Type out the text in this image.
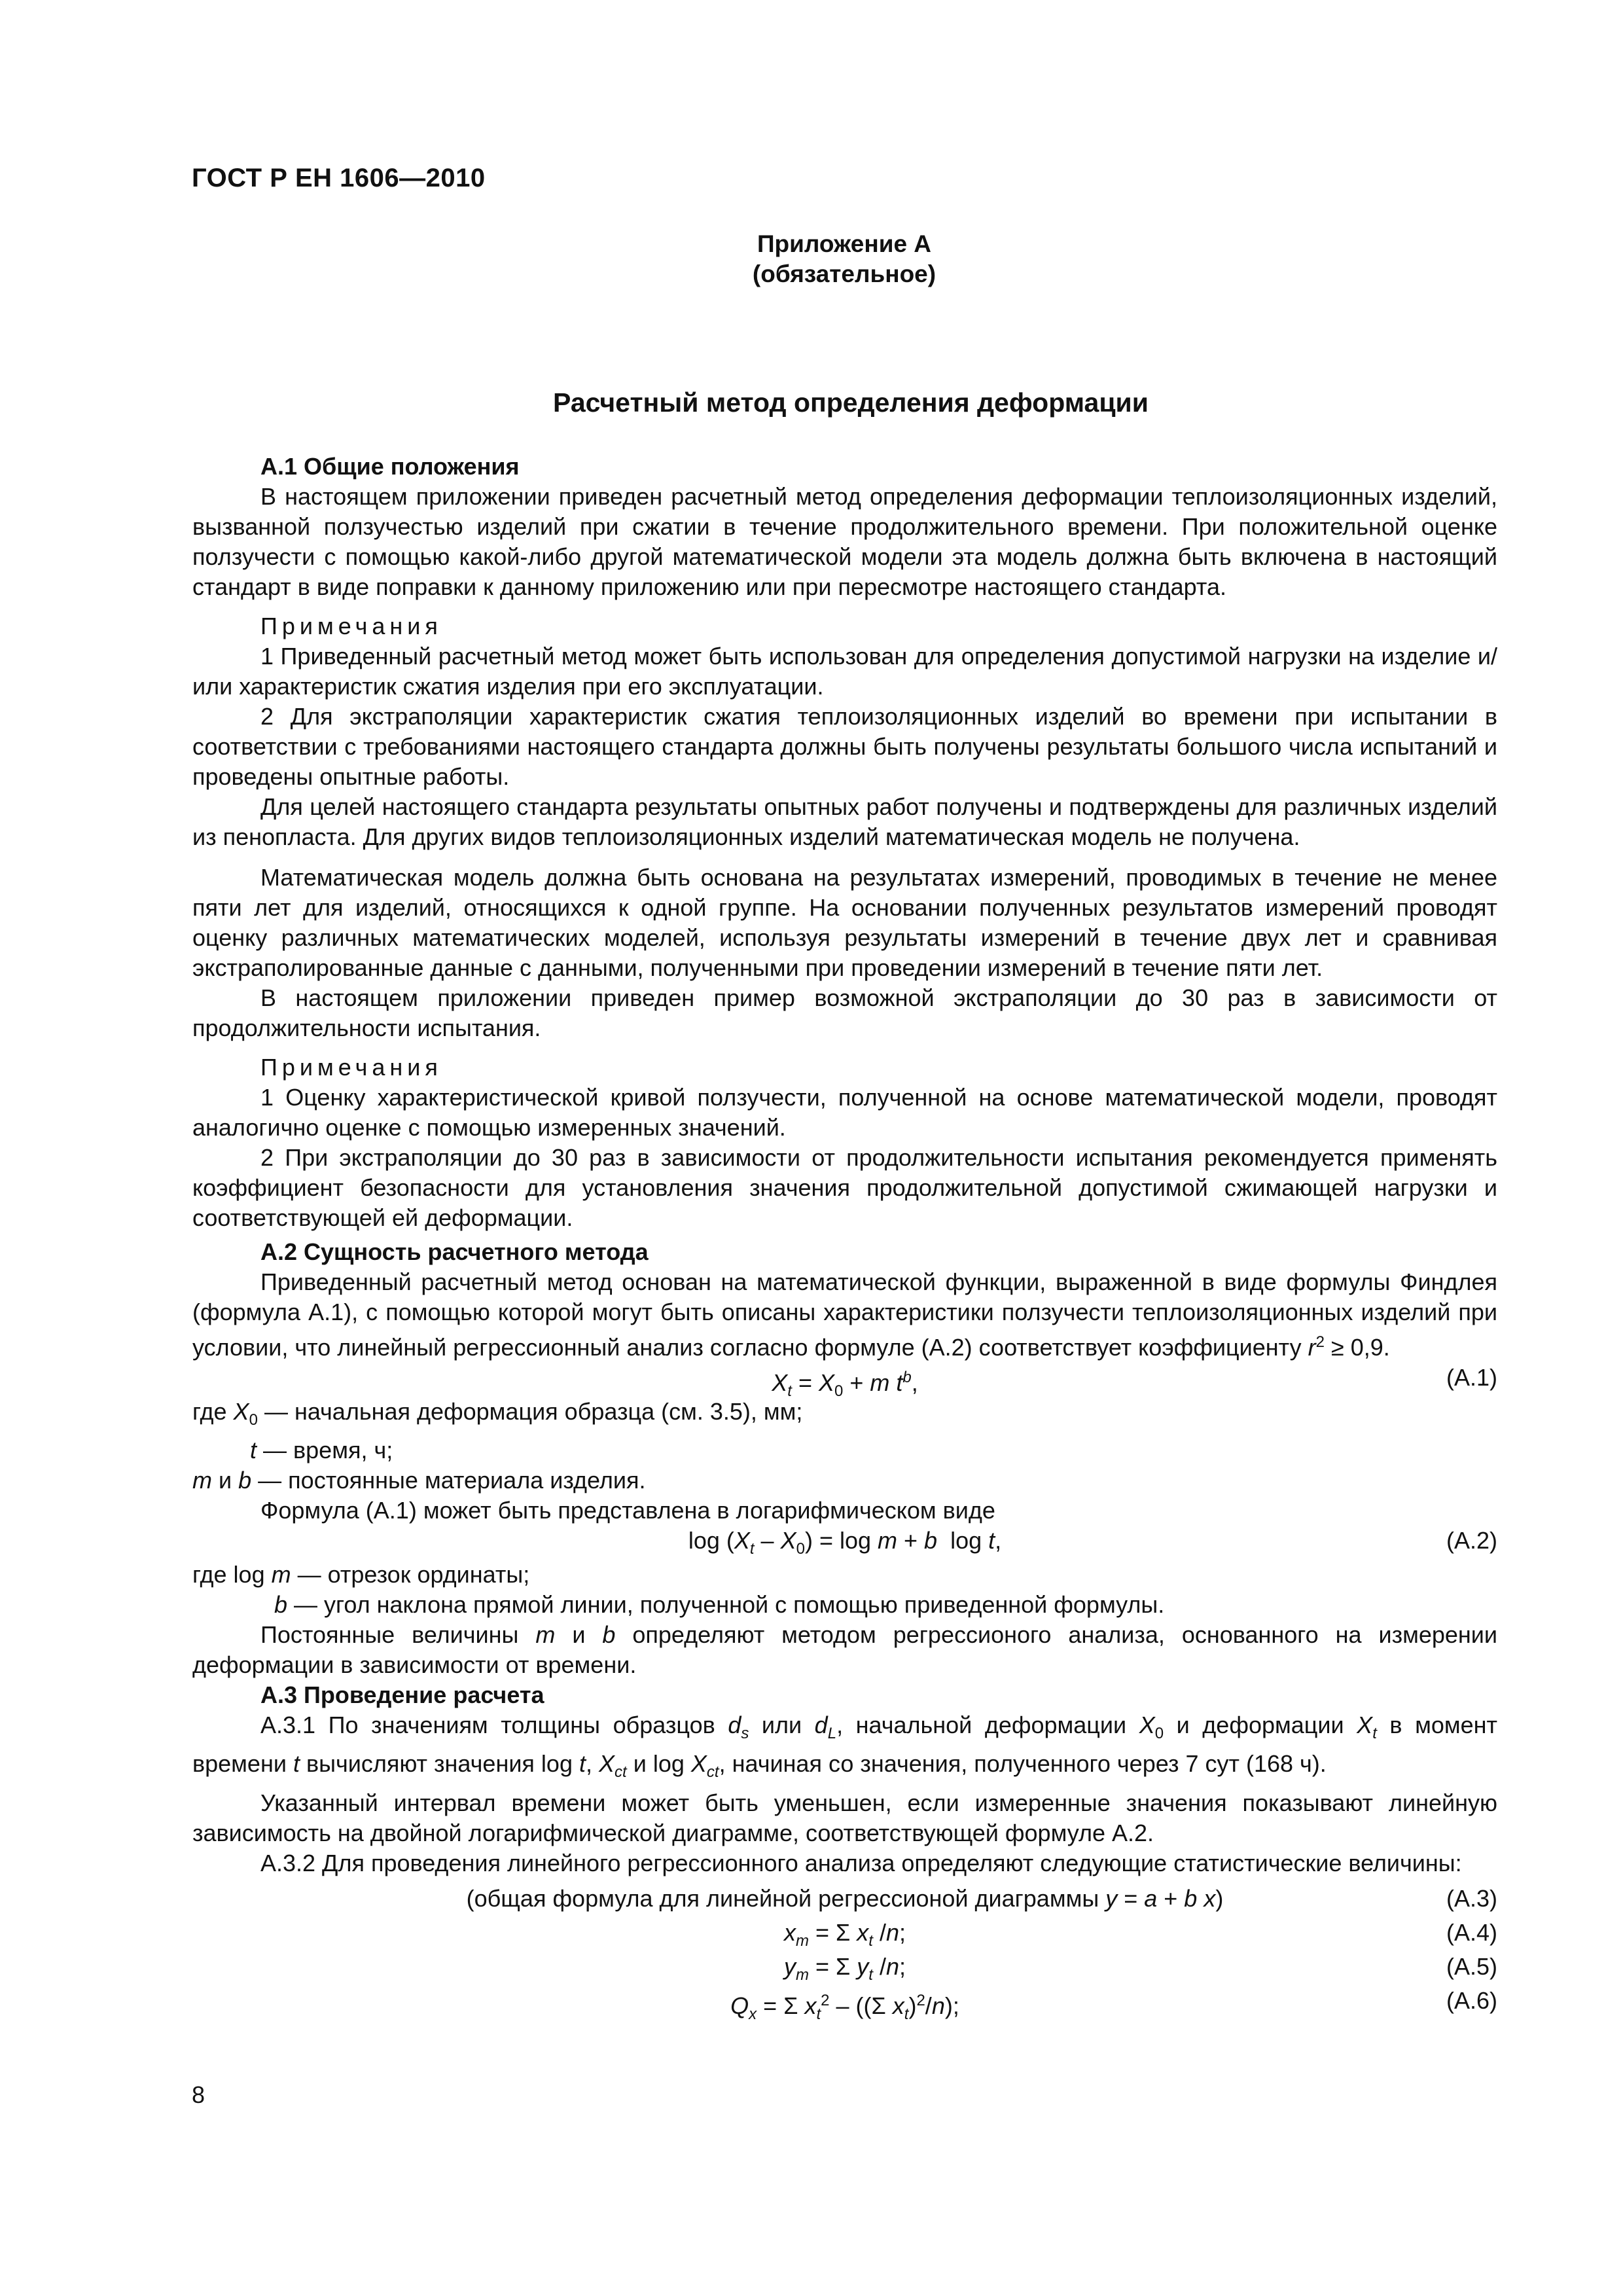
ГОСТ Р ЕН 1606—2010
Приложение А
(обязательное)
Расчетный метод определения деформации

А.1 Общие положения

В настоящем приложении приведен расчетный метод определения деформации теплоизоляционных изделий, вызванной ползучестью изделий при сжатии в течение продолжительного времени. При положительной оценке ползучести с помощью какой-либо другой математической модели эта модель должна быть включена в настоящий стандарт в виде поправки к данному приложению или при пересмотре настоящего стандарта.

Примечания

1 Приведенный расчетный метод может быть использован для определения допустимой нагрузки на изделие и/или характеристик сжатия изделия при его эксплуатации.

2 Для экстраполяции характеристик сжатия теплоизоляционных изделий во времени при испытании в соответствии с требованиями настоящего стандарта должны быть получены результаты большого числа испытаний и проведены опытные работы.

Для целей настоящего стандарта результаты опытных работ получены и подтверждены для различных изделий из пенопласта. Для других видов теплоизоляционных изделий математическая модель не получена.

Математическая модель должна быть основана на результатах измерений, проводимых в течение не менее пяти лет для изделий, относящихся к одной группе. На основании полученных результатов измерений проводят оценку различных математических моделей, используя результаты измерений в течение двух лет и сравнивая экстраполированные данные с данными, полученными при проведении измерений в течение пяти лет.

В настоящем приложении приведен пример возможной экстраполяции до 30 раз в зависимости от продолжительности испытания.

Примечания

1 Оценку характеристической кривой ползучести, полученной на основе математической модели, проводят аналогично оценке с помощью измеренных значений.

2 При экстраполяции до 30 раз в зависимости от продолжительности испытания рекомендуется применять коэффициент безопасности для установления значения продолжительной допустимой сжимающей нагрузки и соответствующей ей деформации.

А.2 Сущность расчетного метода

Приведенный расчетный метод основан на математической функции, выраженной в виде формулы Финдлея (формула А.1), с помощью которой могут быть описаны характеристики ползучести теплоизоляционных изделий при условии, что линейный регрессионный анализ согласно формуле (А.2) соответствует коэффициенту $r^2 \ge 0,9$.

$X_t = X_0 + m$ $t^b$,	(А.1)

где $X_0$ — начальная деформация образца (см. 3.5), мм;

t — время, ч;

m и b — постоянные материала изделия.

Формула (А.1) может быть представлена в логарифмическом виде

$\log (X_t - X_0) = \log m + b$  log t,	(А.2)

где log m — отрезок ординаты;

b — угол наклона прямой линии, полученной с помощью приведенной формулы.

Постоянные величины m и b определяют методом регрессионого анализа, основанного на измерении деформации в зависимости от времени.

А.3 Проведение расчета

А.3.1 По значениям толщины образцов $d_s$ или $d_L$, начальной деформации $X_0$ и деформации $X_t$ в момент времени t вычисляют значения log t, $X_{ct}$ и $\log X_{ct}$, начиная со значения, полученного через 7 сут (168 ч).

Указанный интервал времени может быть уменьшен, если измеренные значения показывают линейную зависимость на двойной логарифмической диаграмме, соответствующей формуле А.2.

А.3.2 Для проведения линейного регрессионного анализа определяют следующие статистические величины:

(общая формула для линейной регрессионой диаграммы y = a + b x)	(А.3)
$x_m = \Sigma$ $x_t$ /n;	(А.4)
$y_m = \Sigma$ $y_t$ /n;	(А.5)
$Q_x = \Sigma$ $x_t^2 - ((\Sigma$ $x_t)^2/n$);	(А.6)
8
